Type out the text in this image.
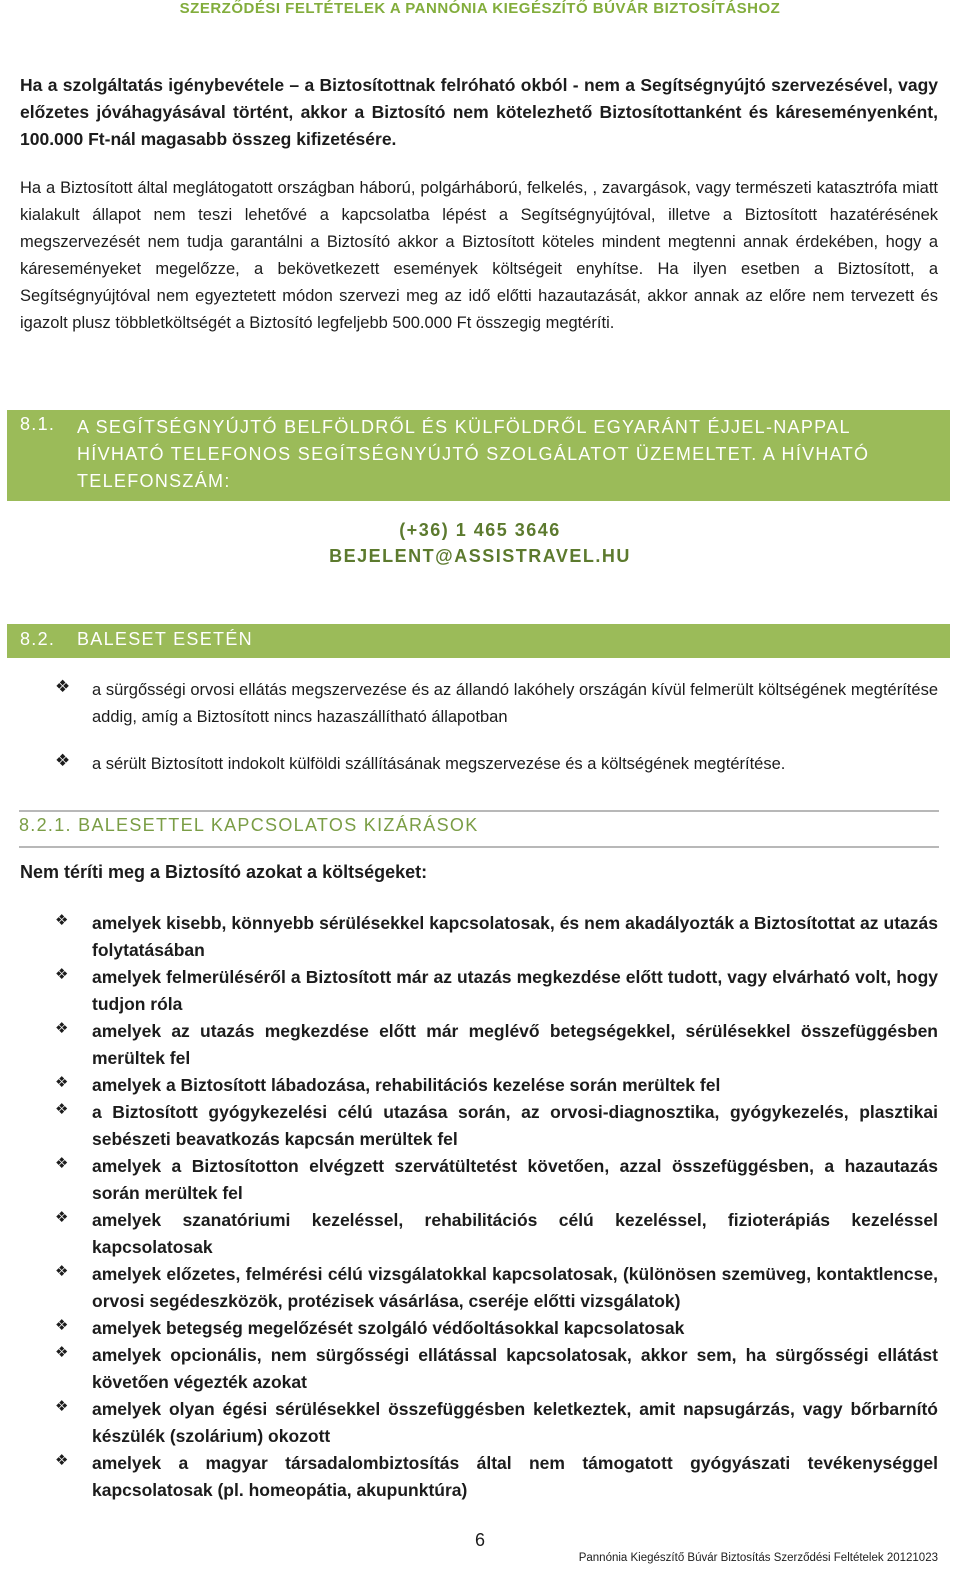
SZERZŐDÉSI FELTÉTELEK A PANNÓNIA KIEGÉSZÍTŐ BÚVÁR BIZTOSÍTÁSHOZ
Ha a szolgáltatás igénybevétele – a Biztosítottnak felróható okból - nem a Segítségnyújtó szervezésével, vagy előzetes jóváhagyásával történt, akkor a Biztosító nem kötelezhető Biztosítottanként és káreseményenként, 100.000 Ft-nál magasabb összeg kifizetésére.
Ha a Biztosított által meglátogatott országban háború, polgárháború, felkelés, , zavargások, vagy természeti katasztrófa miatt kialakult állapot nem teszi lehetővé a kapcsolatba lépést a Segítségnyújtóval, illetve a Biztosított hazatérésének megszervezését nem tudja garantálni a Biztosító akkor a Biztosított köteles mindent megtenni annak érdekében, hogy a káreseményeket megelőzze, a bekövetkezett események költségeit enyhítse. Ha ilyen esetben a Biztosított, a Segítségnyújtóval nem egyeztetett módon szervezi meg az idő előtti hazautazását, akkor annak az előre nem tervezett és igazolt plusz többletköltségét a Biztosító legfeljebb 500.000 Ft összegig megtéríti.
8.1. A SEGÍTSÉGNYÚJTÓ BELFÖLDRŐL ÉS KÜLFÖLDRŐL EGYARÁNT ÉJJEL-NAPPAL HÍVHATÓ TELEFONOS SEGÍTSÉGNYÚJTÓ SZOLGÁLATOT ÜZEMELTET. A HÍVHATÓ TELEFONSZÁM:
(+36) 1 465 3646
BEJELENT@ASSISTRAVEL.HU
8.2. BALESET ESETÉN
❖ a sürgősségi orvosi ellátás megszervezése és az állandó lakóhely országán kívül felmerült költségének megtérítése addig, amíg a Biztosított nincs hazaszállítható állapotban
❖ a sérült Biztosított indokolt külföldi szállításának megszervezése és a költségének megtérítése.
8.2.1. BALESETTEL KAPCSOLATOS KIZÁRÁSOK
Nem téríti meg a Biztosító azokat a költségeket:
❖ amelyek kisebb, könnyebb sérülésekkel kapcsolatosak, és nem akadályozták a Biztosítottat az utazás folytatásában
❖ amelyek felmerüléséről a Biztosított már az utazás megkezdése előtt tudott, vagy elvárható volt, hogy tudjon róla
❖ amelyek az utazás megkezdése előtt már meglévő betegségekkel, sérülésekkel összefüggésben merültek fel
❖ amelyek a Biztosított lábadozása, rehabilitációs kezelése során merültek fel
❖ a Biztosított gyógykezelési célú utazása során, az orvosi-diagnosztika, gyógykezelés, plasztikai sebészeti beavatkozás kapcsán merültek fel
❖ amelyek a Biztosítotton elvégzett szervátültetést követően, azzal összefüggésben, a hazautazás során merültek fel
❖ amelyek szanatóriumi kezeléssel, rehabilitációs célú kezeléssel, fizioterápiás kezeléssel kapcsolatosak
❖ amelyek előzetes, felmérési célú vizsgálatokkal kapcsolatosak, (különösen szemüveg, kontaktlencse, orvosi segédeszközök, protézisek vásárlása, cseréje előtti vizsgálatok)
❖ amelyek betegség megelőzését szolgáló védőoltásokkal kapcsolatosak
❖ amelyek opcionális, nem sürgősségi ellátással kapcsolatosak, akkor sem, ha sürgősségi ellátást követően végezték azokat
❖ amelyek olyan égési sérülésekkel összefüggésben keletkeztek, amit napsugárzás, vagy bőrbarnító készülék (szolárium) okozott
❖ amelyek a magyar társadalombiztosítás által nem támogatott gyógyászati tevékenységgel kapcsolatosak (pl. homeopátia, akupunktúra)
6
Pannónia Kiegészítő Búvár Biztosítás Szerződési Feltételek 20121023
